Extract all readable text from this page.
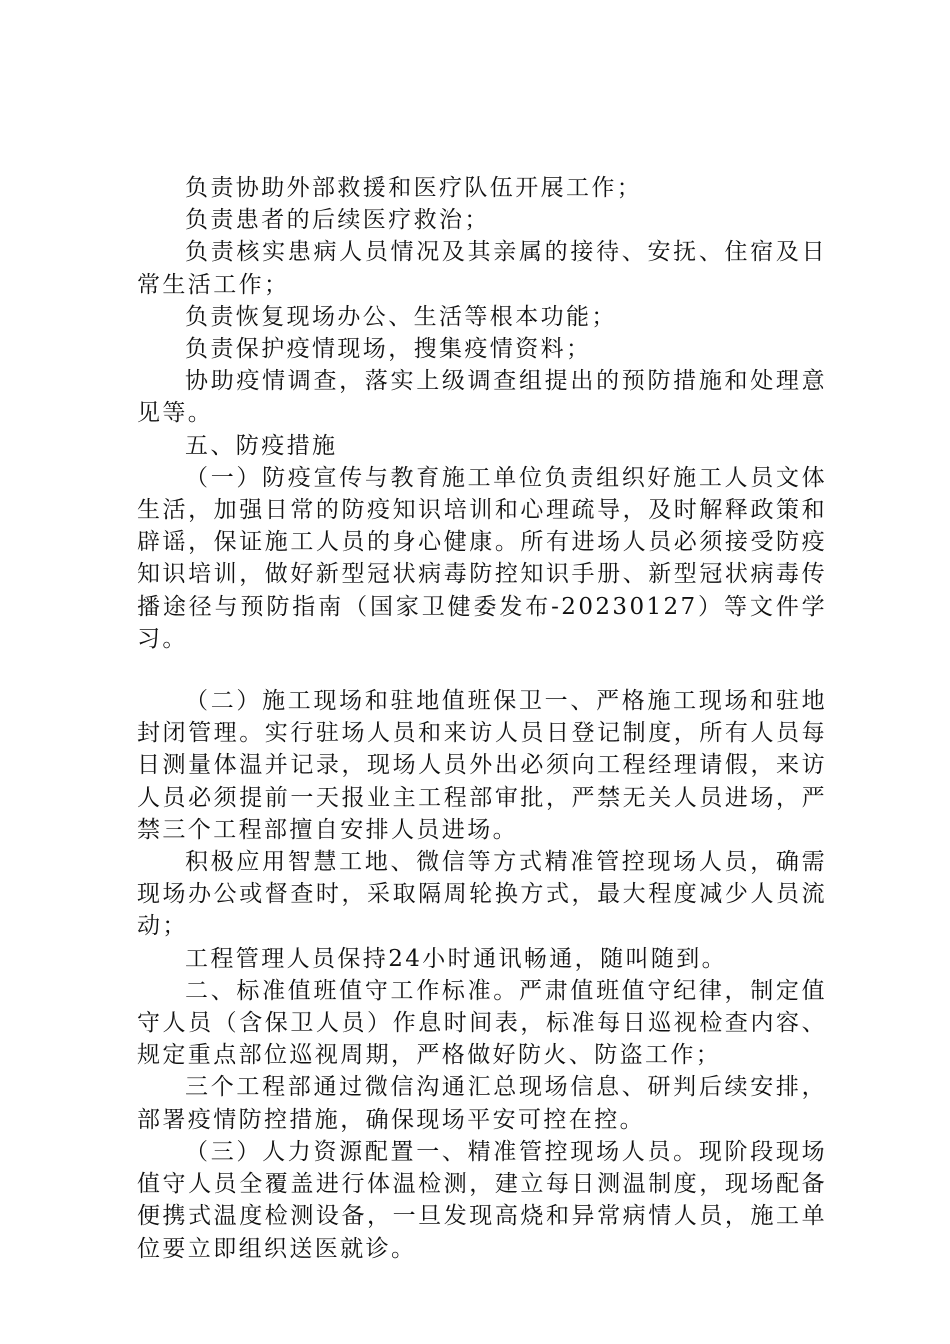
负责协助外部救援和医疗队伍开展工作；

负责患者的后续医疗救治；

负责核实患病人员情况及其亲属的接待、安抚、住宿及日常生活工作；

负责恢复现场办公、生活等根本功能；

负责保护疫情现场，搜集疫情资料；

协助疫情调查，落实上级调查组提出的预防措施和处理意见等。

五、防疫措施

（一）防疫宣传与教育施工单位负责组织好施工人员文体生活，加强日常的防疫知识培训和心理疏导，及时解释政策和辟谣，保证施工人员的身心健康。所有进场人员必须接受防疫知识培训，做好新型冠状病毒防控知识手册、新型冠状病毒传播途径与预防指南（国家卫健委发布-20230127）等文件学习。

（二）施工现场和驻地值班保卫一、严格施工现场和驻地封闭管理。实行驻场人员和来访人员日登记制度，所有人员每日测量体温并记录，现场人员外出必须向工程经理请假，来访人员必须提前一天报业主工程部审批，严禁无关人员进场，严禁三个工程部擅自安排人员进场。

积极应用智慧工地、微信等方式精准管控现场人员，确需现场办公或督查时，采取隔周轮换方式，最大程度减少人员流动；

工程管理人员保持24小时通讯畅通，随叫随到。

二、标准值班值守工作标准。严肃值班值守纪律，制定值守人员（含保卫人员）作息时间表，标准每日巡视检查内容、规定重点部位巡视周期，严格做好防火、防盗工作；

三个工程部通过微信沟通汇总现场信息、研判后续安排，部署疫情防控措施，确保现场平安可控在控。

（三）人力资源配置一、精准管控现场人员。现阶段现场值守人员全覆盖进行体温检测，建立每日测温制度，现场配备便携式温度检测设备，一旦发现高烧和异常病情人员，施工单位要立即组织送医就诊。
